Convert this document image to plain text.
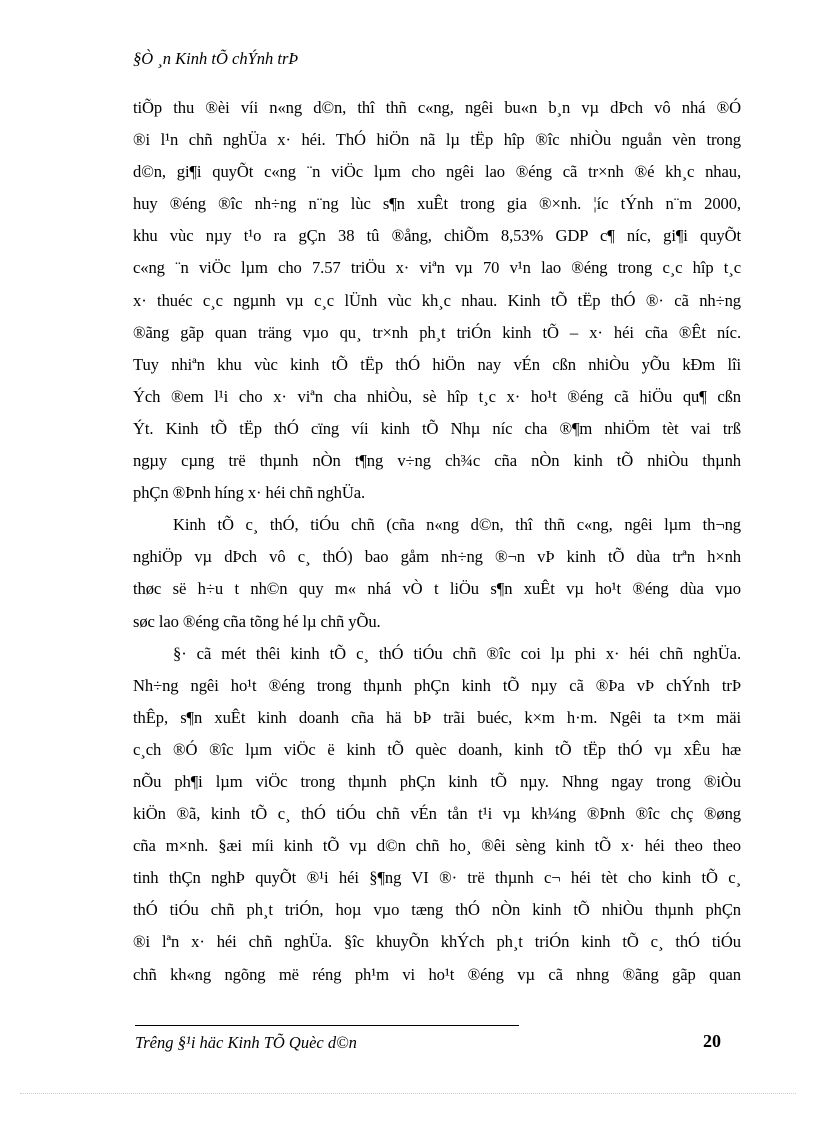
§Ò ¸n Kinh tÕ chÝnh trÞ
tiÕp thu ®èi víi n«ng d©n, thî thñ c«ng, ngêi bu«n b¸n vµ dÞch vô nhá ®Ó
®i l¹n chñ nghÜa x· héi. ThÓ hiÖn nã lµ tËp hîp ®îc nhiÒu nguån vèn trong
d©n, gi¶i quyÕt c«ng ¨n viÖc lµm cho ngêi lao ®éng cã tr×nh ®é kh¸c nhau,
huy ®éng ®îc nh÷ng n¨ng lùc s¶n xuÊt trong gia ®×nh. ¦íc tÝnh n¨m 2000,
khu vùc nµy t¹o ra gÇn 38 tû ®ång, chiÕm 8,53% GDP c¶ níc, gi¶i quyÕt
c«ng ¨n viÖc lµm cho 7.57 triÖu x· viªn vµ 70 v¹n lao ®éng trong c¸c hîp t¸c
x· thuéc c¸c ngµnh vµ c¸c lÜnh vùc kh¸c nhau. Kinh tÕ tËp thÓ ®· cã nh÷ng
®ãng gãp quan träng vµo qu¸ tr×nh ph¸t triÓn kinh tÕ – x· héi cña ®Êt níc.
Tuy nhiªn khu vùc kinh tÕ tËp thÓ hiÖn nay vÉn cßn nhiÒu yÕu kÐm lîi
Ých ®em l¹i cho x· viªn cha nhiÒu, sè hîp t¸c x· ho¹t ®éng cã hiÖu qu¶ cßn
Ýt. Kinh tÕ tËp thÓ cïng víi kinh tÕ Nhµ níc cha ®¶m nhiÖm tèt vai trß
ngµy cµng trë thµnh nÒn t¶ng v÷ng ch¾c cña nÒn kinh tÕ nhiÒu thµnh
phÇn ®Þnh híng x· héi chñ nghÜa.
Kinh tÕ c¸ thÓ, tiÓu chñ (cña n«ng d©n, thî thñ c«ng, ngêi lµm th¬ng
nghiÖp vµ dÞch vô c¸ thÓ) bao gåm nh÷ng ®¬n vÞ kinh tÕ dùa trªn h×nh
thøc së h÷u t nh©n quy m« nhá vÒ t liÖu s¶n xuÊt vµ ho¹t ®éng dùa vµo
søc lao ®éng cña tõng hé lµ chñ yÕu.
§· cã mét thêi kinh tÕ c¸ thÓ tiÓu chñ ®îc coi lµ phi x· héi chñ nghÜa.
Nh÷ng ngêi ho¹t ®éng trong thµnh phÇn kinh tÕ nµy cã ®Þa vÞ chÝnh trÞ
thÊp, s¶n xuÊt kinh doanh cña hä bÞ trãi buéc, k×m h·m. Ngêi ta t×m mäi
c¸ch ®Ó ®îc lµm viÖc ë kinh tÕ quèc doanh, kinh tÕ tËp thÓ vµ xÊu hæ
nÕu ph¶i lµm viÖc trong thµnh phÇn kinh tÕ nµy. Nhng ngay trong ®iÒu
kiÖn ®ã, kinh tÕ c¸ thÓ tiÓu chñ vÉn tån t¹i vµ kh¼ng ®Þnh ®îc chç ®øng
cña m×nh. §æi míi kinh tÕ vµ d©n chñ ho¸ ®êi sèng kinh tÕ x· héi theo theo
tinh thÇn nghÞ quyÕt ®¹i héi §¶ng VI ®· trë thµnh c¬ héi tèt cho kinh tÕ c¸
thÓ tiÓu chñ ph¸t triÓn, hoµ vµo tæng thÓ nÒn kinh tÕ nhiÒu thµnh phÇn
®i lªn x· héi chñ nghÜa. §îc khuyÕn khÝch ph¸t triÓn kinh tÕ c¸ thÓ tiÓu
chñ kh«ng ngõng më réng ph¹m vi ho¹t ®éng vµ cã nhng ®ãng gãp quan
Trêng §¹i häc Kinh TÕ Quèc d©n	20
